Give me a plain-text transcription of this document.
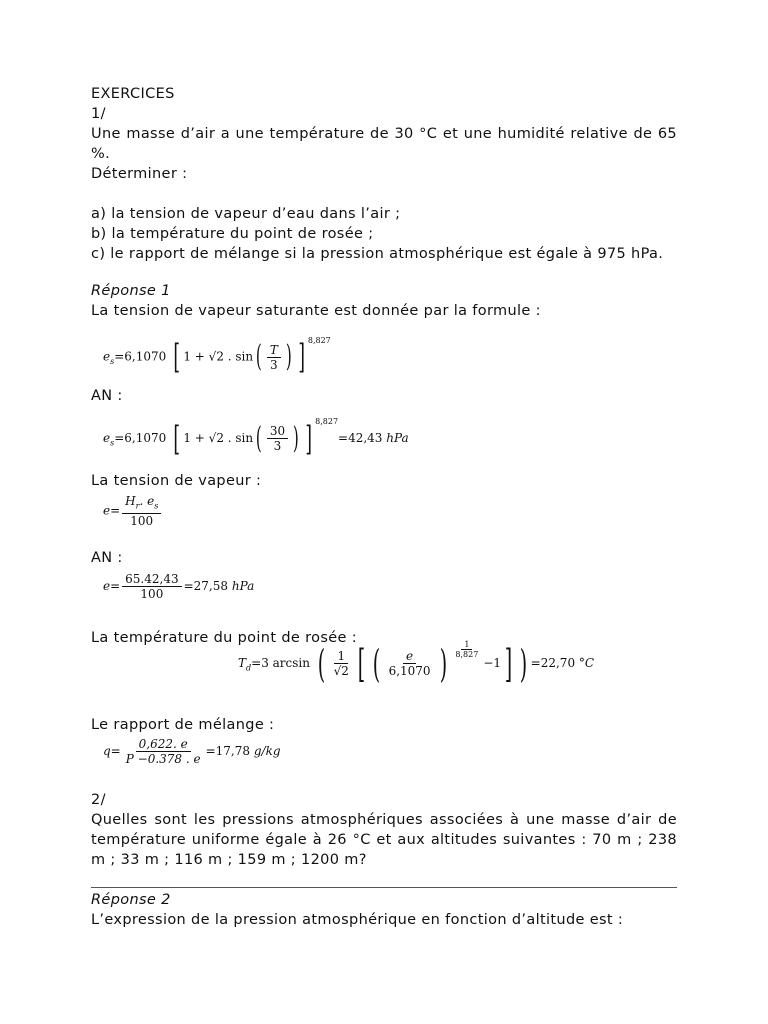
EXERCICES
1/
Une masse d’air a une température de 30 °C et une humidité relative de 65 %.
Déterminer :
a) la tension de vapeur d’eau dans l’air ;
b) la température du point de rosée ;
c) le rapport de mélange si la pression atmosphérique est égale à 975 hPa.
Réponse 1
La tension de vapeur saturante est donnée par la formule :
$e_s=6,1070$ [ 1 + √2 . $\sin( \frac{T}{3}$ ) ] $^{8,827}$
AN :
$e_s=6,1070$ [ 1 + √2 . $\sin( \frac{30}{3}$ ) ] $^{8,827}$=42,43 hPa
La tension de vapeur :
$e= \frac{H_r. e_s}{100}$
AN :
$e= \frac{65.42,43}{100} =27,58$ hPa
La température du point de rosée :
$T_d=3$ arcsin ( $\frac{1}{√2}$ [ ( $\frac{e}{6,1070}$ ) $\frac{1}{8,827}$
−1] ) =22,70 °C
Le rapport de mélange :
$q= \frac{0,622. e}{P -0.378 . e} =17,78$ g/kg
2/
Quelles sont les pressions atmosphériques associées à une masse d’air de température uniforme égale à 26 °C et aux altitudes suivantes : 70 m ; 238 m ; 33 m ; 116 m ; 159 m ; 1200 m?
Réponse 2
L’expression de la pression atmosphérique en fonction d’altitude est :
